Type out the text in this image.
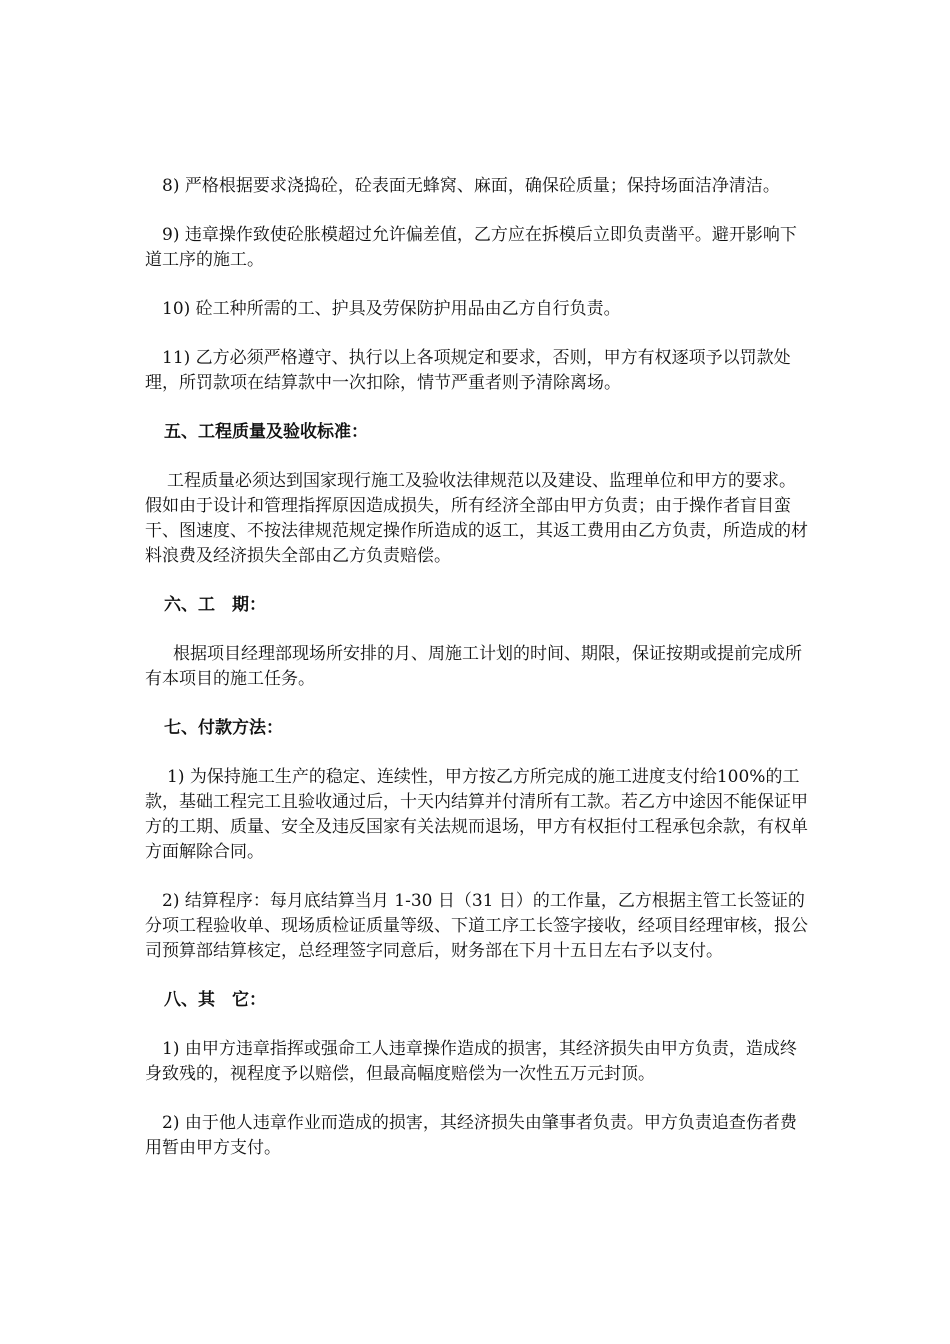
8) 严格根据要求浇捣砼，砼表面无蜂窝、麻面，确保砼质量；保持场面洁净清洁。

9) 违章操作致使砼胀模超过允许偏差值，乙方应在拆模后立即负责凿平。避开影响下道工序的施工。

10) 砼工种所需的工、护具及劳保防护用品由乙方自行负责。

11) 乙方必须严格遵守、执行以上各项规定和要求，否则，甲方有权逐项予以罚款处理，所罚款项在结算款中一次扣除，情节严重者则予清除离场。

五、工程质量及验收标准：

工程质量必须达到国家现行施工及验收法律规范以及建设、监理单位和甲方的要求。假如由于设计和管理指挥原因造成损失，所有经济全部由甲方负责；由于操作者盲目蛮干、图速度、不按法律规范规定操作所造成的返工，其返工费用由乙方负责，所造成的材料浪费及经济损失全部由乙方负责赔偿。

六、工　期：

根据项目经理部现场所安排的月、周施工计划的时间、期限，保证按期或提前完成所有本项目的施工任务。

七、付款方法：

1) 为保持施工生产的稳定、连续性，甲方按乙方所完成的施工进度支付给100%的工款，基础工程完工且验收通过后，十天内结算并付清所有工款。若乙方中途因不能保证甲方的工期、质量、安全及违反国家有关法规而退场，甲方有权拒付工程承包余款，有权单方面解除合同。

2) 结算程序：每月底结算当月 1-30 日（31 日）的工作量，乙方根据主管工长签证的分项工程验收单、现场质检证质量等级、下道工序工长签字接收，经项目经理审核，报公司预算部结算核定，总经理签字同意后，财务部在下月十五日左右予以支付。

八、其　它：

1) 由甲方违章指挥或强命工人违章操作造成的损害，其经济损失由甲方负责，造成终身致残的，视程度予以赔偿，但最高幅度赔偿为一次性五万元封顶。

2) 由于他人违章作业而造成的损害，其经济损失由肇事者负责。甲方负责追查伤者费用暂由甲方支付。
